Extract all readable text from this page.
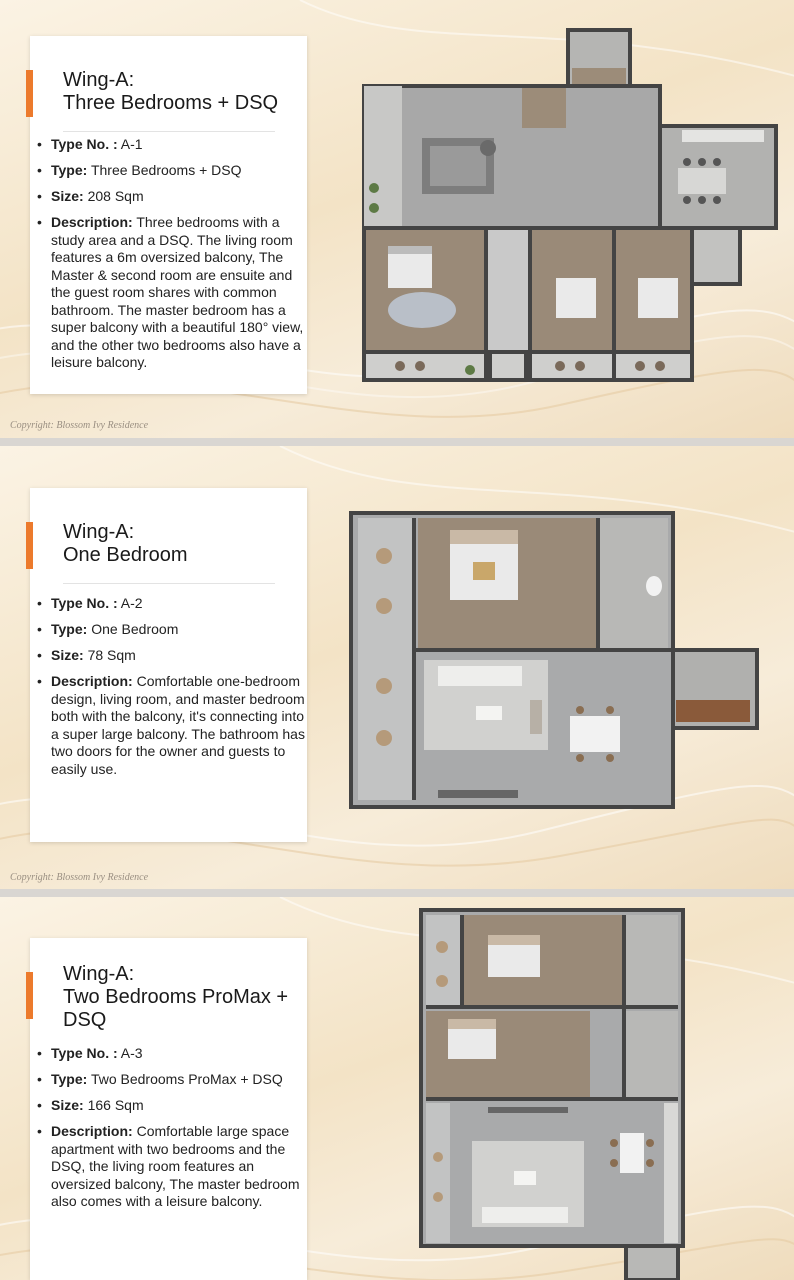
Wing-A:
Three Bedrooms + DSQ
• Type No. : A-1
• Type: Three Bedrooms + DSQ
• Size: 208 Sqm
• Description: Three bedrooms with a study area and a DSQ. The living room features a 6m oversized balcony, The Master & second room are ensuite and the guest room shares with common bathroom. The master bedroom has a super balcony with a beautiful 180° view, and the other two bedrooms also have a leisure balcony.
Copyright: Blossom Ivy Residence
Wing-A:
One Bedroom
• Type No. : A-2
• Type: One Bedroom
• Size: 78 Sqm
• Description: Comfortable one-bedroom design, living room, and master bedroom both with the balcony, it's connecting into a super large balcony. The bathroom has two doors for the owner and guests to easily use.
Copyright: Blossom Ivy Residence
Wing-A:
Two Bedrooms ProMax + DSQ
• Type No. : A-3
• Type: Two Bedrooms ProMax + DSQ
• Size: 166 Sqm
• Description: Comfortable large space apartment with two bedrooms and the DSQ, the living room features an oversized balcony, The master bedroom also comes with a leisure balcony.
